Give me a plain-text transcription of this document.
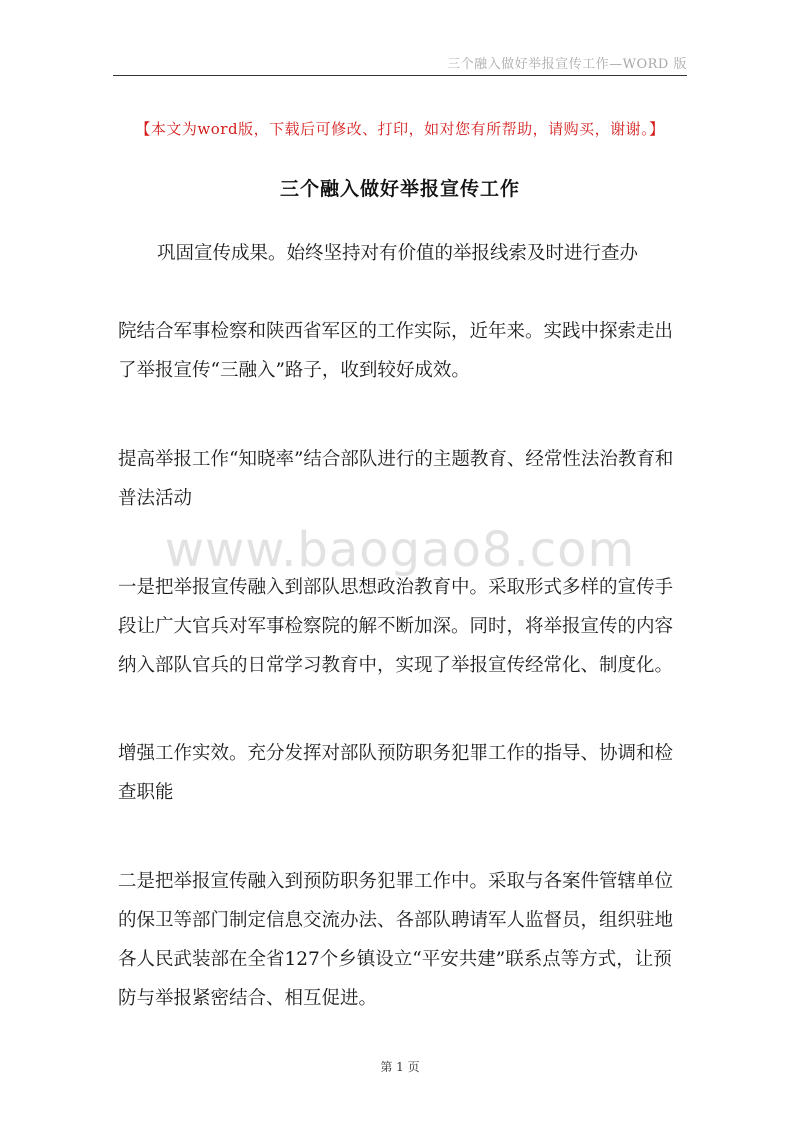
三个融入做好举报宣传工作—WORD 版
【本文为word版，下载后可修改、打印，如对您有所帮助，请购买，谢谢。】
三个融入做好举报宣传工作

巩固宣传成果。始终坚持对有价值的举报线索及时进行查办

院结合军事检察和陕西省军区的工作实际，近年来。实践中探索走出了举报宣传“三融入”路子，收到较好成效。

提高举报工作“知晓率”结合部队进行的主题教育、经常性法治教育和普法活动

www.baogao8.com

一是把举报宣传融入到部队思想政治教育中。采取形式多样的宣传手段让广大官兵对军事检察院的解不断加深。同时，将举报宣传的内容纳入部队官兵的日常学习教育中，实现了举报宣传经常化、制度化。

增强工作实效。充分发挥对部队预防职务犯罪工作的指导、协调和检查职能

二是把举报宣传融入到预防职务犯罪工作中。采取与各案件管辖单位的保卫等部门制定信息交流办法、各部队聘请军人监督员，组织驻地各人民武装部在全省127个乡镇设立“平安共建”联系点等方式，让预防与举报紧密结合、相互促进。

第 1 页
